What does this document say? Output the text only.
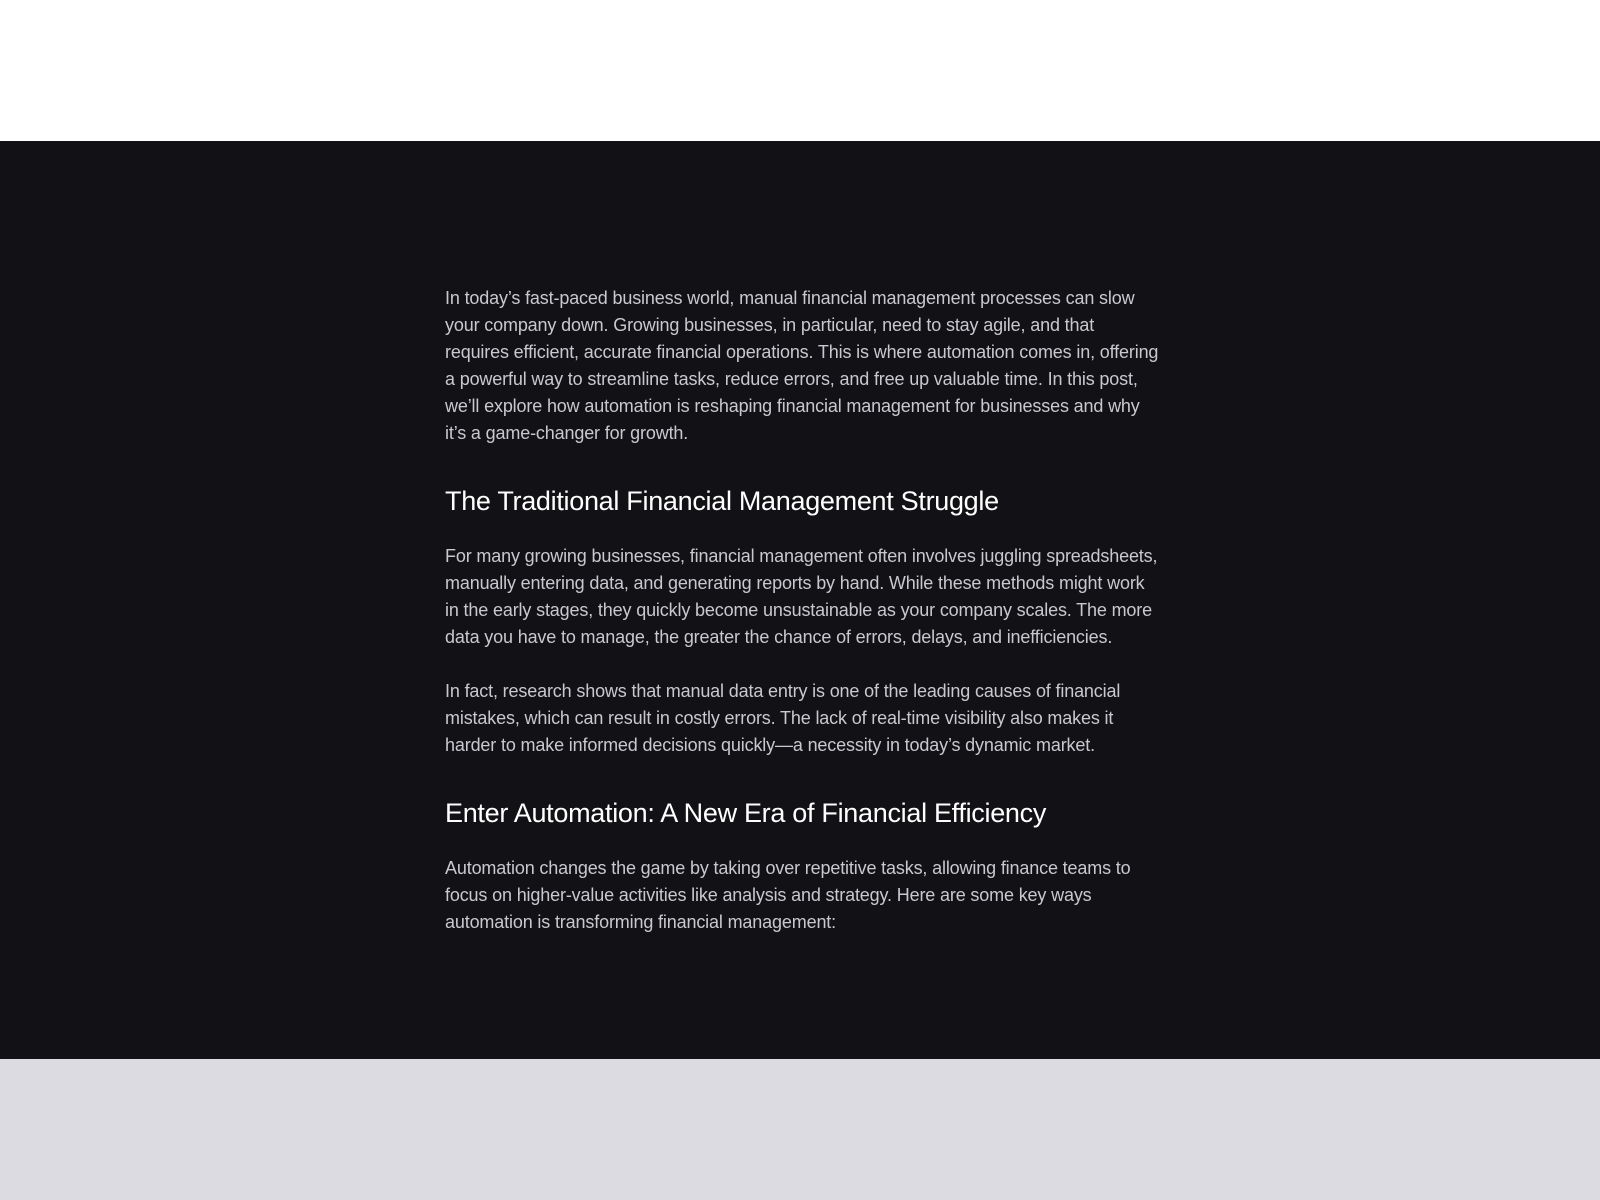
In today’s fast-paced business world, manual financial management processes can slow your company down. Growing businesses, in particular, need to stay agile, and that requires efficient, accurate financial operations. This is where automation comes in, offering a powerful way to streamline tasks, reduce errors, and free up valuable time. In this post, we’ll explore how automation is reshaping financial management for businesses and why it’s a game-changer for growth.

The Traditional Financial Management Struggle

For many growing businesses, financial management often involves juggling spreadsheets, manually entering data, and generating reports by hand. While these methods might work in the early stages, they quickly become unsustainable as your company scales. The more data you have to manage, the greater the chance of errors, delays, and inefficiencies.

In fact, research shows that manual data entry is one of the leading causes of financial mistakes, which can result in costly errors. The lack of real-time visibility also makes it harder to make informed decisions quickly—a necessity in today’s dynamic market.

Enter Automation: A New Era of Financial Efficiency

Automation changes the game by taking over repetitive tasks, allowing finance teams to focus on higher-value activities like analysis and strategy. Here are some key ways automation is transforming financial management:
